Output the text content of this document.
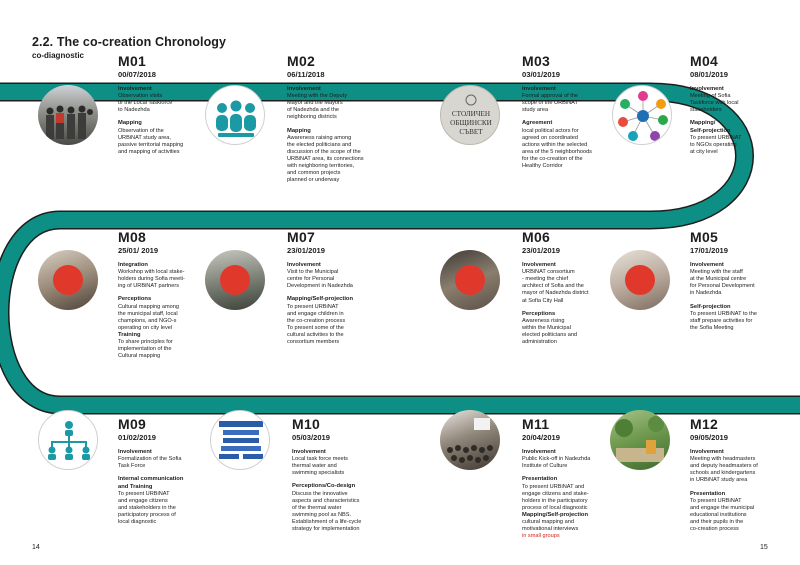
2.2. The co-creation Chronology
co-diagnostic
14	15
СТОЛИЧЕН
ОБЩИНСКИ
СЪВЕТ
M01
00/07/2018
Involvement
Observation visits
of the Local Taskforce
to Nadezhda
Mapping
Observation of the
URBiNAT study area,
passive territorial mapping
and mapping of activities
M02
06/11/2018
Involvement
Meeting with the Deputy
Mayor and the Mayors
of Nadezhda and the
neighboring districts
Mapping
Awareness raising among
the elected politicians and
discussion of the scope of the
URBiNAT area, its connections
with neighboring territories,
and common projects
planned or underway
M03
03/01/2019
Involvement
Formal approval of the
scope of the URBiNAT
study area
Agreement
local political actors for
agreed on coordinated
actions within the selected
area of the 5 neighborhoods
for the co-creation of the
Healthy Corridor
M04
08/01/2019
Involvement
Meeting of Sofia
Taskforce with local
stakeholders
Mapping/
Self-projection
To present URBiNAT
to NGOs operating
at city level
M05
17/01/2019
Involvement
Meeting with the staff
at the Municipal centre
for Personal Development
in Nadezhda
Self-projection
To present URBiNAT to the
staff prepare activities for
the Sofia Meeting
M06
23/01/2019
Involvement
URBiNAT consortium
- meeting the chief
architect of Sofia and the
mayor of Nadezhda district
at Sofia City Hall
Perceptions
Awareness rising
within the Municipal
elected politicians and
administration
M07
23/01/2019
Involvement
Visit to the Municipal
centre for Personal
Development in Nadezhda
Mapping/Self-projection
To present URBiNAT
and engage children in
the co-creation process
To present some of the
cultural activities to the
consortium members
M08
25/01/ 2019
Integration
Workshop with local stake-
holders during Sofia meeti-
ing of URBiNAT partners
Perceptions
Cultural mapping among
the municipal staff, local
champions, and NGO-s
operating on city level
Training
To share principles for
implementation of the
Cultural mapping
M09
01/02/2019
Involvement
Formalization of the Sofia
Task Force
Internal communication
and Training
To present URBiNAT
and engage citizens
and stakeholders in the
participatory process of
local diagnostic
M10
05/03/2019
Involvement
Local task force meets
thermal water and
swimming specialists
Perceptions/Co-design
Discuss the innovative
aspects and characteristics
of the thermal water
swimming pool as NBS.
Establishment of a life-cycle
strategy for implementation
M11
20/04/2019
Involvement
Public Kick-off in Nadezhda
Institute of Culture
Presentation
To present URBiNAT and
engage citizens and stake-
holders in the participatory
process of local diagnostic
Mapping/Self-projection
cultural mapping and
motivational interviews
in small groups
M12
09/05/2019
Involvement
Meeting with headmasters
and deputy headmasters of
schools and kindergartens
in URBiNAT study area
Presentation
To present URBiNAT
and engage the municipal
educational institutions
and their pupils in the
co-creation process
